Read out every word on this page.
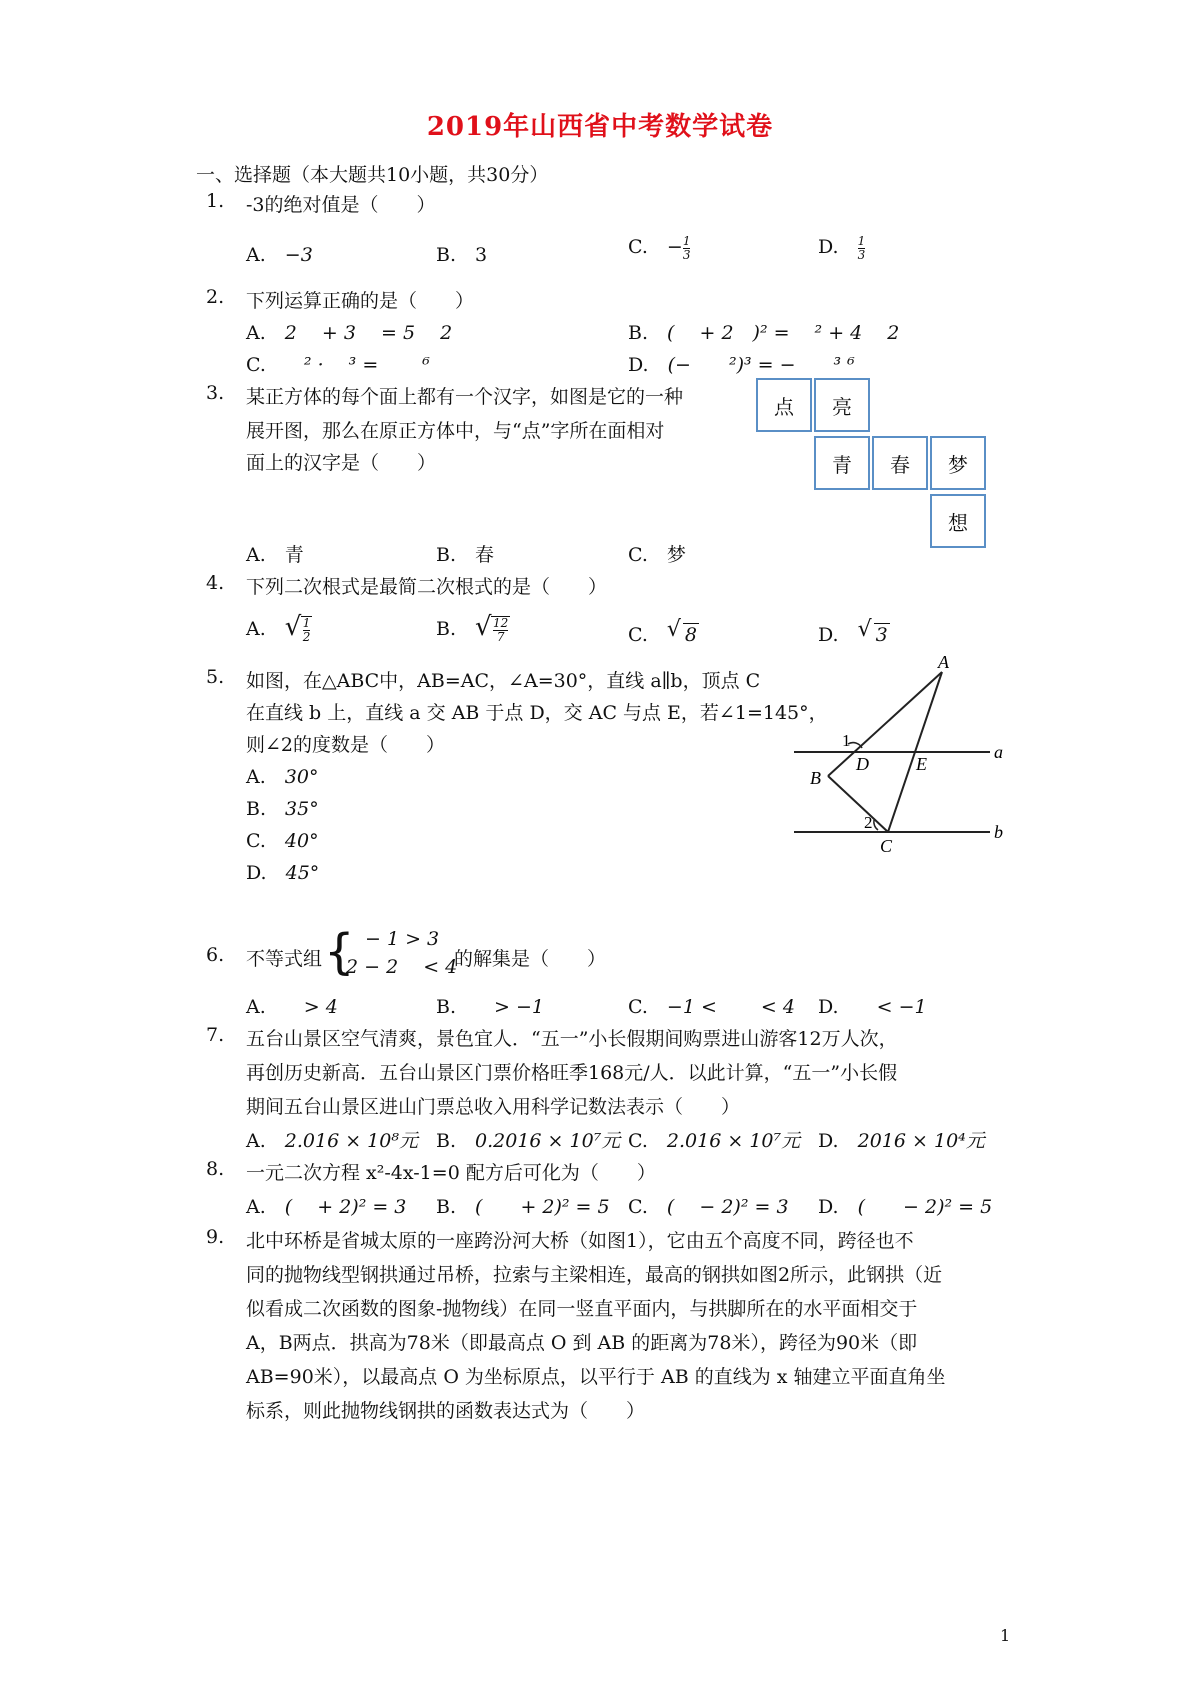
2019年山西省中考数学试卷
一、选择题（本大题共10小题，共30分）
1.	-3的绝对值是（　　）
A.　 −3	B.　 3	C.　 − $\frac{1}{3}$	D.　 $\frac{1}{3}$
2.	下列运算正确的是（　　）
A.　 2　 + 3　 = 5 　2	B.　 (　 + 2　)² = 　² + 4　 2
C.　　² · 　³ = 　　⁶	D.　 (−　　²)³ = −　　³ ⁶
3.	某正方体的每个面上都有一个汉字，如图是它的一种
展开图，那么在原正方体中，与“点”字所在面相对
面上的汉字是（　　）
点	亮
青	春	梦
想
A.　 青	B.　 春	C.　 梦
4.	下列二次根式是最简二次根式的是（　　）
A.　 √ $\frac{1}{2}$	B.　 √ $\frac{12}{7}$	C.　 √ 8	D.　 √ 3
5.	如图，在△ABC中，AB=AC，∠A=30°，直线 a∥b，顶点 C
在直线 b 上，直线 a 交 AB 于点 D，交 AC 与点 E，若∠1=145°，
则∠2的度数是（　　）
A.　 30°
B.　 35°
C.　 40°
D.　 45°
A
B
C
D	E
a
b
1
2
6.	不等式组 {
　− 1 > 3
2 − 2　 < 4
的解集是（　　）
A.　　> 4	B.　　> −1	C.　 −1 <　 　< 4 D.　　< −1
7.	五台山景区空气清爽，景色宜人．“五一”小长假期间购票进山游客12万人次，
再创历史新高．五台山景区门票价格旺季168元/人．以此计算，“五一”小长假
期间五台山景区进山门票总收入用科学记数法表示（　　）
A.　 2.016 × 10⁸元 B.　 0.2016 × 10⁷元 C.　 2.016 × 10⁷元 D.　 2016 × 10⁴元
8.	一元二次方程 x²-4x-1=0 配方后可化为（　　）
A.　 (　 + 2)² = 3 B.　 (　　+ 2)² = 5 C.　 (　 − 2)² = 3 D.　 (　　− 2)² = 5
9.	北中环桥是省城太原的一座跨汾河大桥（如图1），它由五个高度不同，跨径也不
同的抛物线型钢拱通过吊桥，拉索与主梁相连，最高的钢拱如图2所示，此钢拱（近
似看成二次函数的图象-抛物线）在同一竖直平面内，与拱脚所在的水平面相交于
A，B两点．拱高为78米（即最高点 O 到 AB 的距离为78米），跨径为90米（即
AB=90米），以最高点 O 为坐标原点，以平行于 AB 的直线为 x 轴建立平面直角坐
标系，则此抛物线钢拱的函数表达式为（　　）
1
